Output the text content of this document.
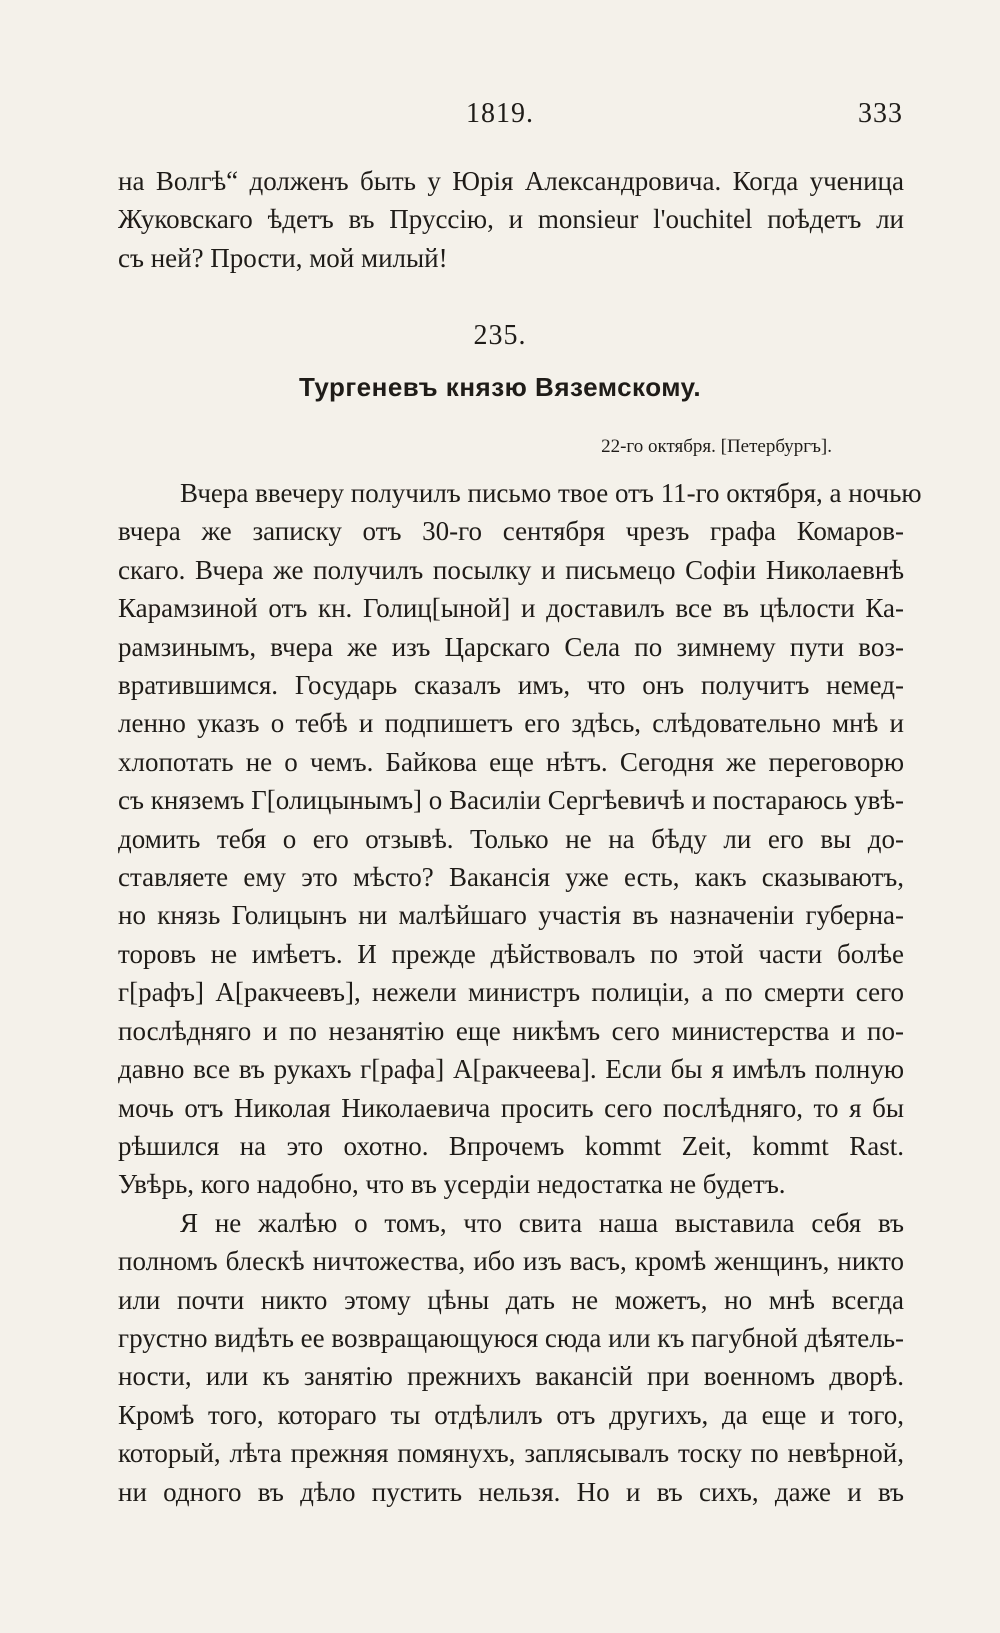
1819.	333
на Волгѣ“ долженъ быть у Юрія Александровича. Когда ученица
Жуковскаго ѣдетъ въ Пруссію, и monsieur l'ouchitel поѣдетъ ли
съ ней? Прости, мой милый!
235.
Тургеневъ князю Вяземскому.
22-го октября. [Петербургъ].
Вчера ввечеру получилъ письмо твое отъ 11-го октября, а ночью
вчера же записку отъ 30-го сентября чрезъ графа Комаров-
скаго. Вчера же получилъ посылку и письмецо Софіи Николаевнѣ
Карамзиной отъ кн. Голиц[ыной] и доставилъ все въ цѣлости Ка-
рамзинымъ, вчера же изъ Царскаго Села по зимнему пути воз-
вратившимся. Государь сказалъ имъ, что онъ получитъ немед-
ленно указъ о тебѣ и подпишетъ его здѣсь, слѣдовательно мнѣ и
хлопотать не о чемъ. Байкова еще нѣтъ. Сегодня же переговорю
съ княземъ Г[олицынымъ] о Василіи Сергѣевичѣ и постараюсь увѣ-
домить тебя о его отзывѣ. Только не на бѣду ли его вы до-
ставляете ему это мѣсто? Вакансія уже есть, какъ сказываютъ,
но князь Голицынъ ни малѣйшаго участія въ назначеніи губерна-
торовъ не имѣетъ. И прежде дѣйствовалъ по этой части болѣе
г[рафъ] А[ракчеевъ], нежели министръ полиціи, а по смерти сего
послѣдняго и по незанятію еще никѣмъ сего министерства и по-
давно все въ рукахъ г[рафа] А[ракчеева]. Если бы я имѣлъ полную
мочь отъ Николая Николаевича просить сего послѣдняго, то я бы
рѣшился на это охотно. Впрочемъ kommt Zeit, kommt Rast.
Увѣрь, кого надобно, что въ усердіи недостатка не будетъ.
Я не жалѣю о томъ, что свита наша выставила себя въ
полномъ блескѣ ничтожества, ибо изъ васъ, кромѣ женщинъ, никто
или почти никто этому цѣны дать не можетъ, но мнѣ всегда
грустно видѣть ее возвращающуюся сюда или къ пагубной дѣятель-
ности, или къ занятію прежнихъ вакансій при военномъ дворѣ.
Кромѣ того, котораго ты отдѣлилъ отъ другихъ, да еще и того,
который, лѣта прежняя помянухъ, заплясывалъ тоску по невѣрной,
ни одного въ дѣло пустить нельзя. Но и въ сихъ, даже и въ
